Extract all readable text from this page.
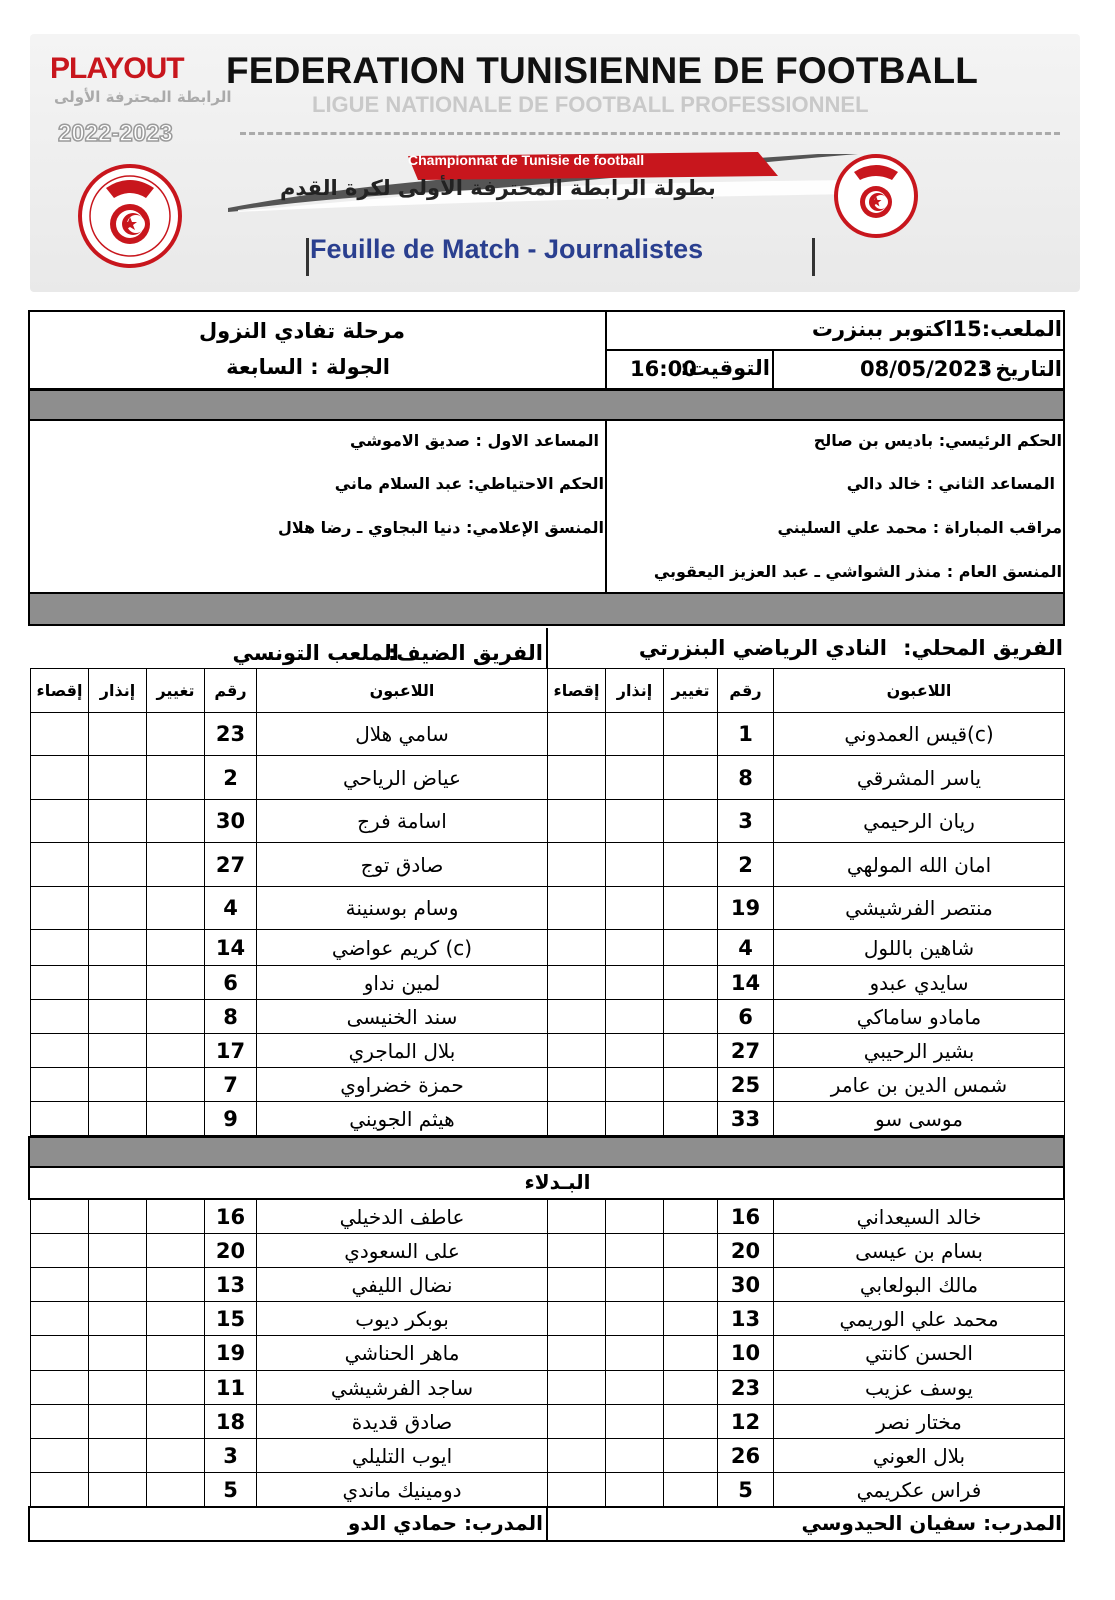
PLAYOUT
الرابطة المحترفة الأولى
2022-2023
FEDERATION TUNISIENNE DE FOOTBALL
LIGUE NATIONALE DE FOOTBALL PROFESSIONNEL
Championnat de Tunisie de football
بطولة الرابطة المحترفة الأولى لكرة القدم
Feuille de Match - Journalistes
الملعب:15اكتوبر ببنزرت
التاريخ :
08/05/2023
التوقيت:
16:00
مرحلة تفادي النزول
الجولة : السابعة
الحكم الرئيسي: باديس بن صالح
المساعد الثاني : خالد دالي
مراقب المباراة : محمد علي السليني
المنسق العام : منذر الشواشي ـ عبد العزيز اليعقوبي
المساعد الاول : صديق الاموشي
الحكم الاحتياطي: عبد السلام ماني
المنسق الإعلامي: دنيا البجاوي ـ رضا هلال
الفريق المحلي:
النادي الرياضي البنزرتي
الفريق الضيف:
الملعب التونسي
إقصاء	إنذار	تغيير	رقم	اللاعبون
			23	سامي هلال
			2	عياض الرياحي
			30	اسامة فرج
			27	صادق توج
			4	وسام بوسنينة
			14	كريم عواضي (c)
			6	لمين نداو
			8	سند الخنيسى
			17	بلال الماجري
			7	حمزة خضراوي
			9	هيثم الجويني
إقصاء	إنذار	تغيير	رقم	اللاعبون
			1	قيس العمدوني(c)
			8	ياسر المشرقي
			3	ريان الرحيمي
			2	امان الله المولهي
			19	منتصر الفرشيشي
			4	شاهين باللول
			14	سايدي عبدو
			6	مامادو ساماكي
			27	بشير الرحيبي
			25	شمس الدين بن عامر
			33	موسى سو
البـدلاء
			16	عاطف الدخيلي
			20	على السعودي
			13	نضال الليفي
			15	بوبكر ديوب
			19	ماهر الحناشي
			11	ساجد الفرشيشي
			18	صادق قديدة
			3	ايوب التليلي
			5	دومينيك ماندي
			16	خالد السيعداني
			20	بسام بن عيسى
			30	مالك البولعابي
			13	محمد علي الوريمي
			10	الحسن كانتي
			23	يوسف عزيب
			12	مختار نصر
			26	بلال العوني
			5	فراس عكريمي
المدرب: سفيان الحيدوسي
المدرب: حمادي الدو
